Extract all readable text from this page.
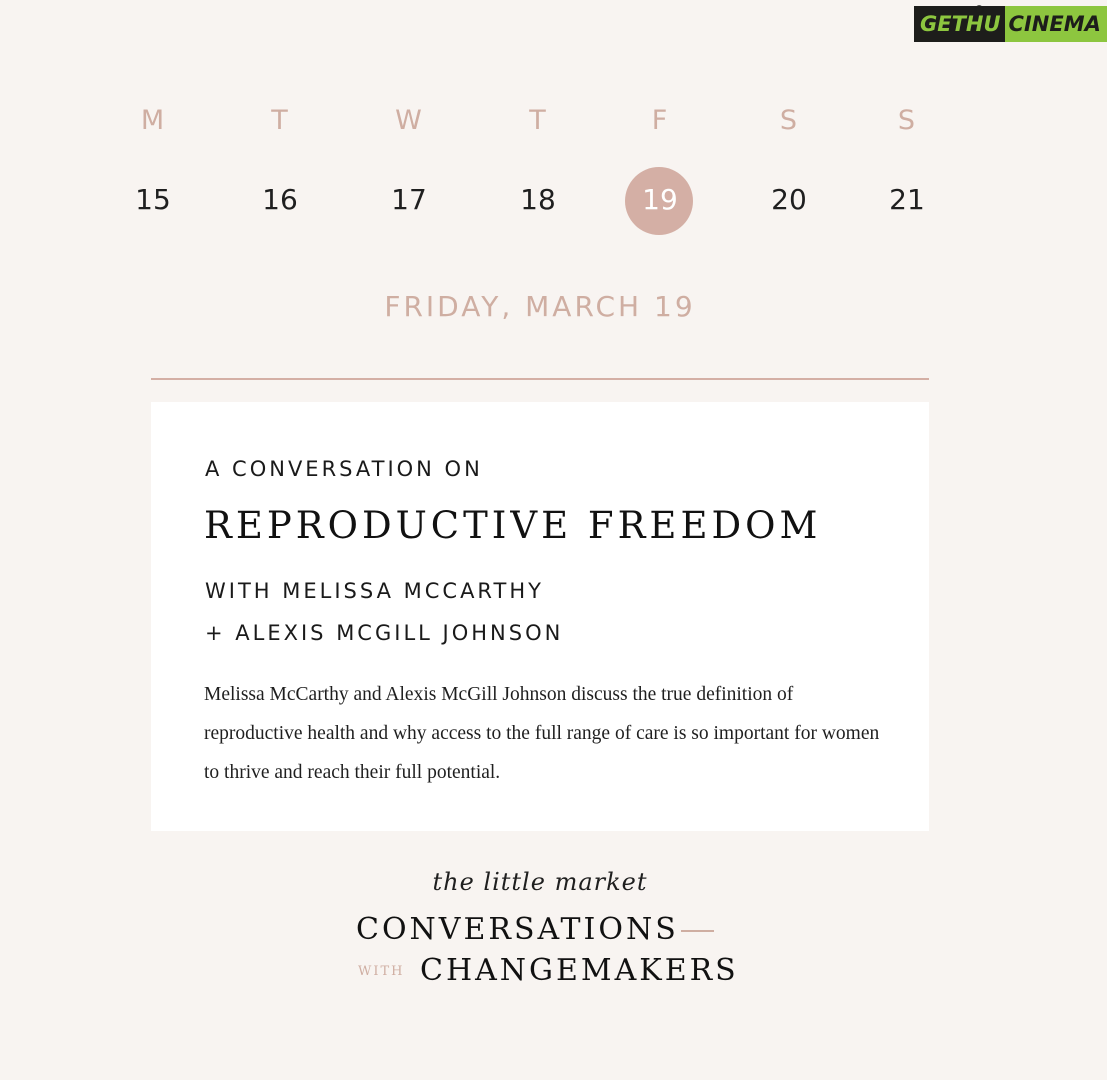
GETHU CINEMA
◉
M
15
T
16
W
17
T
18
F
19
S
20
S
21
FRIDAY, MARCH 19
A CONVERSATION ON
REPRODUCTIVE FREEDOM
WITH MELISSA MCCARTHY
+ ALEXIS MCGILL JOHNSON
Melissa McCarthy and Alexis McGill Johnson discuss the true definition of reproductive health and why access to the full range of care is so important for women to thrive and reach their full potential.
the little market
CONVERSATIONS
WITH CHANGEMAKERS
